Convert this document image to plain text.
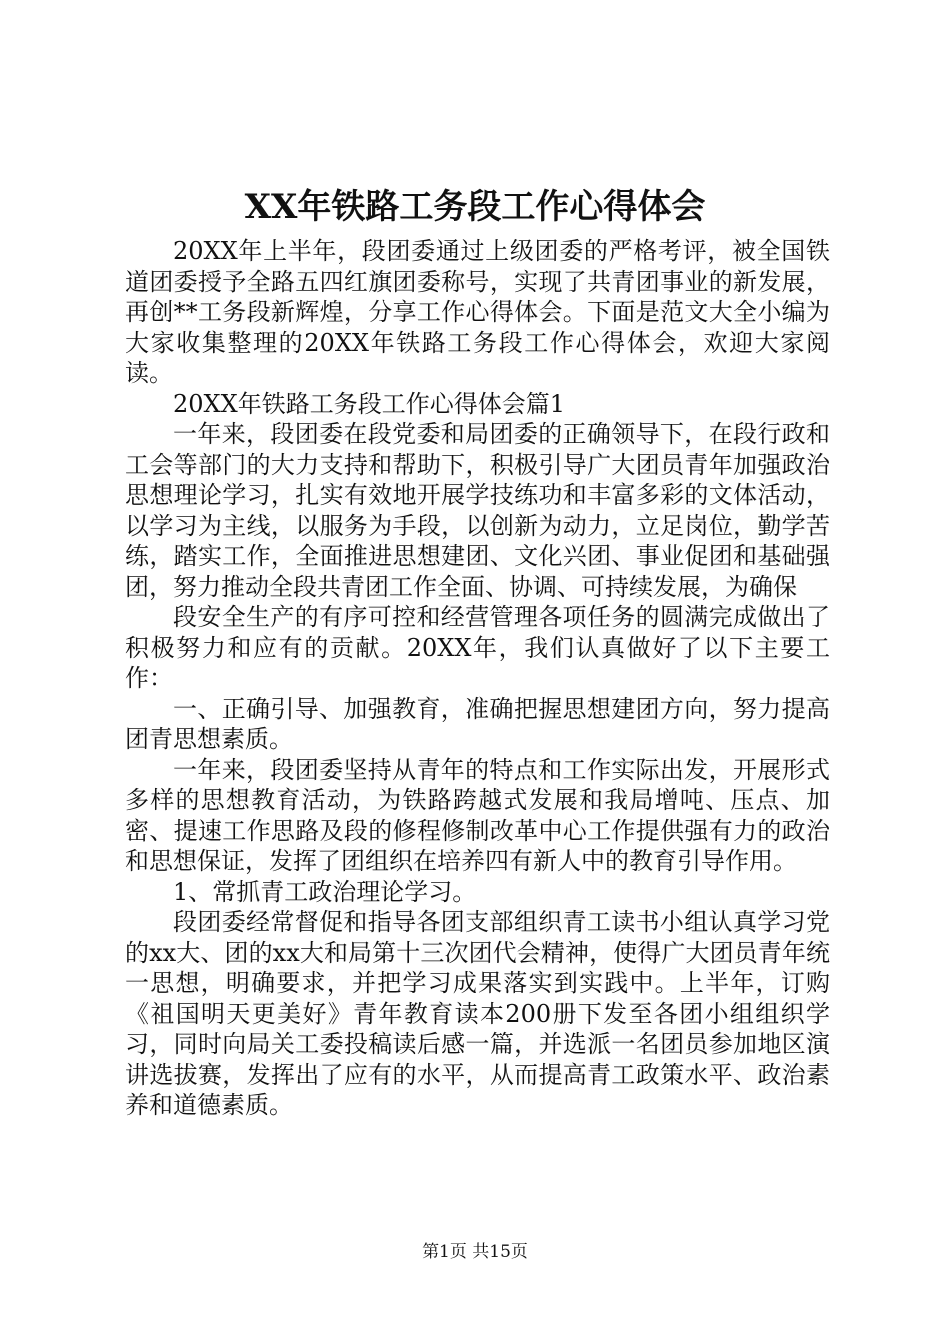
XX年铁路工务段工作心得体会

20XX年上半年，段团委通过上级团委的严格考评，被全国铁道团委授予全路五四红旗团委称号，实现了共青团事业的新发展，再创**工务段新辉煌，分享工作心得体会。下面是范文大全小编为大家收集整理的20XX年铁路工务段工作心得体会，欢迎大家阅读。

20XX年铁路工务段工作心得体会篇1

一年来，段团委在段党委和局团委的正确领导下，在段行政和工会等部门的大力支持和帮助下，积极引导广大团员青年加强政治思想理论学习，扎实有效地开展学技练功和丰富多彩的文体活动，以学习为主线，以服务为手段，以创新为动力，立足岗位，勤学苦练，踏实工作，全面推进思想建团、文化兴团、事业促团和基础强团，努力推动全段共青团工作全面、协调、可持续发展，为确保

段安全生产的有序可控和经营管理各项任务的圆满完成做出了积极努力和应有的贡献。20XX年，我们认真做好了以下主要工作：

一、正确引导、加强教育，准确把握思想建团方向，努力提高团青思想素质。

一年来，段团委坚持从青年的特点和工作实际出发，开展形式多样的思想教育活动，为铁路跨越式发展和我局增吨、压点、加密、提速工作思路及段的修程修制改革中心工作提供强有力的政治和思想保证，发挥了团组织在培养四有新人中的教育引导作用。

1、常抓青工政治理论学习。

段团委经常督促和指导各团支部组织青工读书小组认真学习党的xx大、团的xx大和局第十三次团代会精神，使得广大团员青年统一思想，明确要求，并把学习成果落实到实践中。上半年，订购《祖国明天更美好》青年教育读本200册下发至各团小组组织学习，同时向局关工委投稿读后感一篇，并选派一名团员参加地区演讲选拔赛，发挥出了应有的水平，从而提高青工政策水平、政治素养和道德素质。

第1页 共15页
